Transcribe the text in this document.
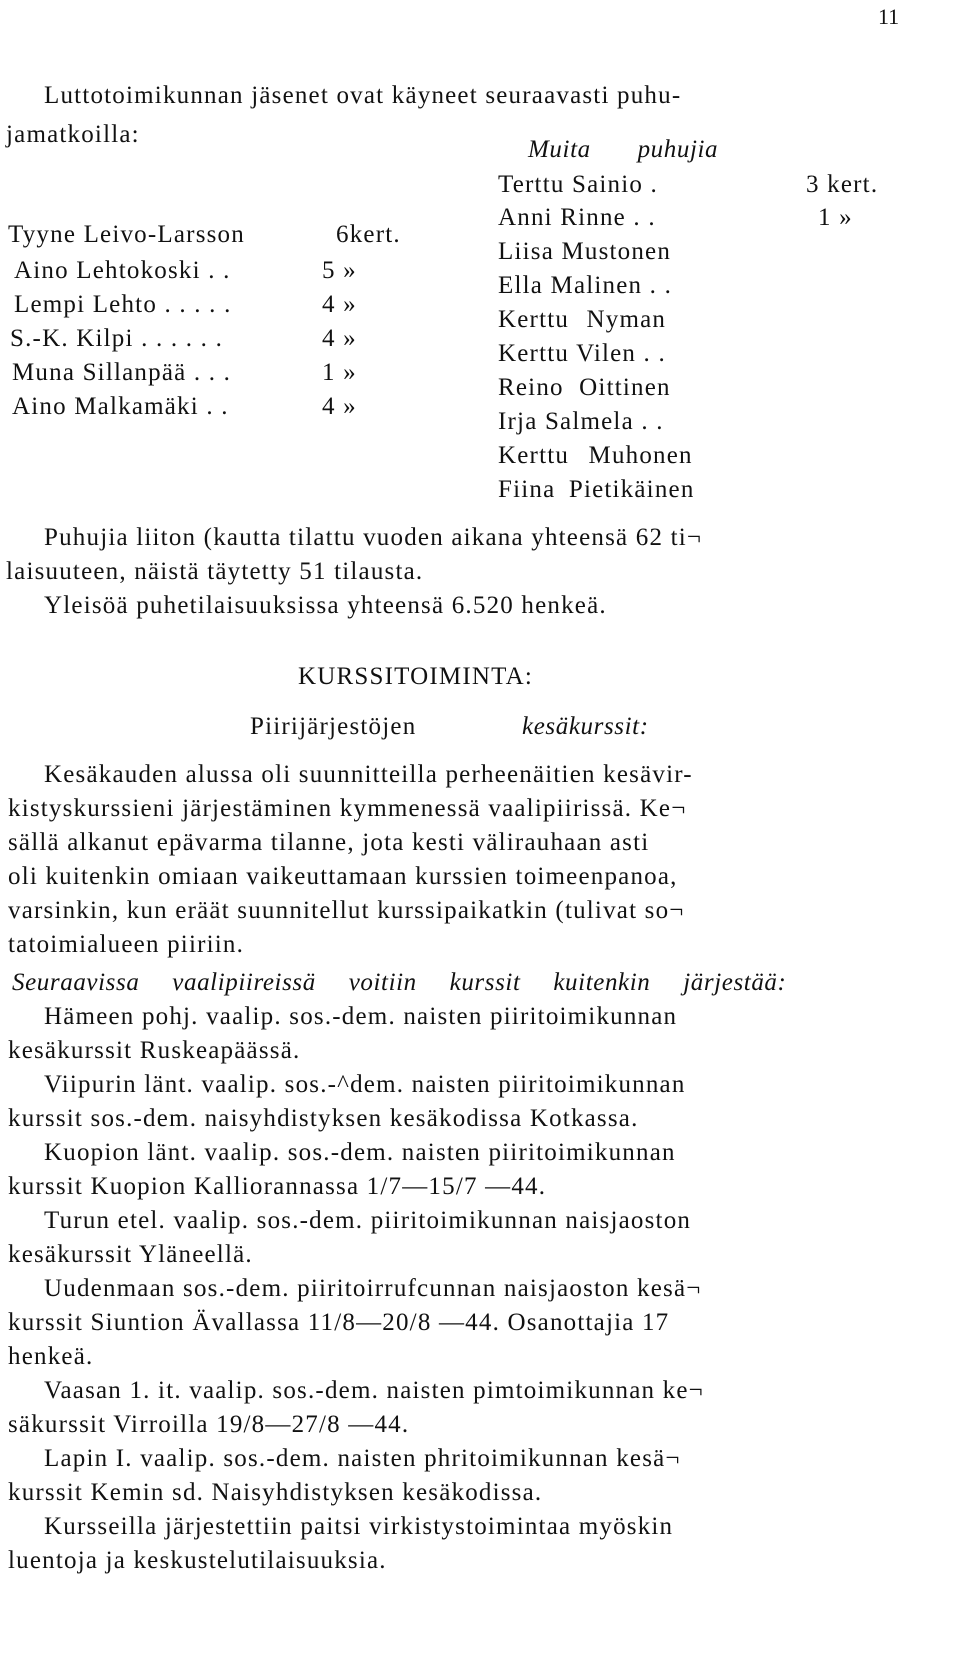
11
Luttotoimikunnan jäsenet ovat käyneet seuraavasti puhu-
jamatkoilla:
Tyyne Leivo-Larsson	6kert.
Aino Lehtokoski . .	5 »
Lempi Lehto . . . . .	4 »
S.-K. Kilpi . . . . . .	4 »
Muna Sillanpää . . .	1 »
Aino Malkamäki . .	4 »
Muita puhujia
Terttu Sainio .	3 kert.
Anni Rinne . .	1 »
Liisa Mustonen
Ella Malinen . .
Kerttu Nyman
Kerttu Vilen . .
Reino Oittinen
Irja Salmela . .
Kerttu Muhonen
Fiina Pietikäinen
Puhujia liiton (kautta tilattu vuoden aikana yhteensä 62 ti¬
laisuuteen, näistä täytetty 51 tilausta.
Yleisöä puhetilaisuuksissa yhteensä 6.520 henkeä.
KURSSITOIMINTA:
Piirijärjestöjen	kesäkurssit:
Kesäkauden alussa oli suunnitteilla perheenäitien kesävir-
kistyskurssieni järjestäminen kymmenessä vaalipiirissä. Ke¬
sällä alkanut epävarma tilanne, jota kesti välirauhaan asti
oli kuitenkin omiaan vaikeuttamaan kurssien toimeenpanoa,
varsinkin, kun eräät suunnitellut kurssipaikatkin (tulivat so¬
tatoimialueen piiriin.
Seuraavissa vaalipiireissä voitiin kurssit kuitenkin järjestää:
Hämeen pohj. vaalip. sos.-dem. naisten piiritoimikunnan
kesäkurssit Ruskeapäässä.
Viipurin länt. vaalip. sos.-^dem. naisten piiritoimikunnan
kurssit sos.-dem. naisyhdistyksen kesäkodissa Kotkassa.
Kuopion länt. vaalip. sos.-dem. naisten piiritoimikunnan
kurssit Kuopion Kalliorannassa 1/7—15/7 —44.
Turun etel. vaalip. sos.-dem. piiritoimikunnan naisjaoston
kesäkurssit Yläneellä.
Uudenmaan sos.-dem. piiritoirrufcunnan naisjaoston kesä¬
kurssit Siuntion Ävallassa 11/8—20/8 —44. Osanottajia 17
henkeä.
Vaasan 1. it. vaalip. sos.-dem. naisten pimtoimikunnan ke¬
säkurssit Virroilla 19/8—27/8 —44.
Lapin I. vaalip. sos.-dem. naisten phritoimikunnan kesä¬
kurssit Kemin sd. Naisyhdistyksen kesäkodissa.
Kursseilla järjestettiin paitsi virkistystoimintaa myöskin
luentoja ja keskustelutilaisuuksia.
